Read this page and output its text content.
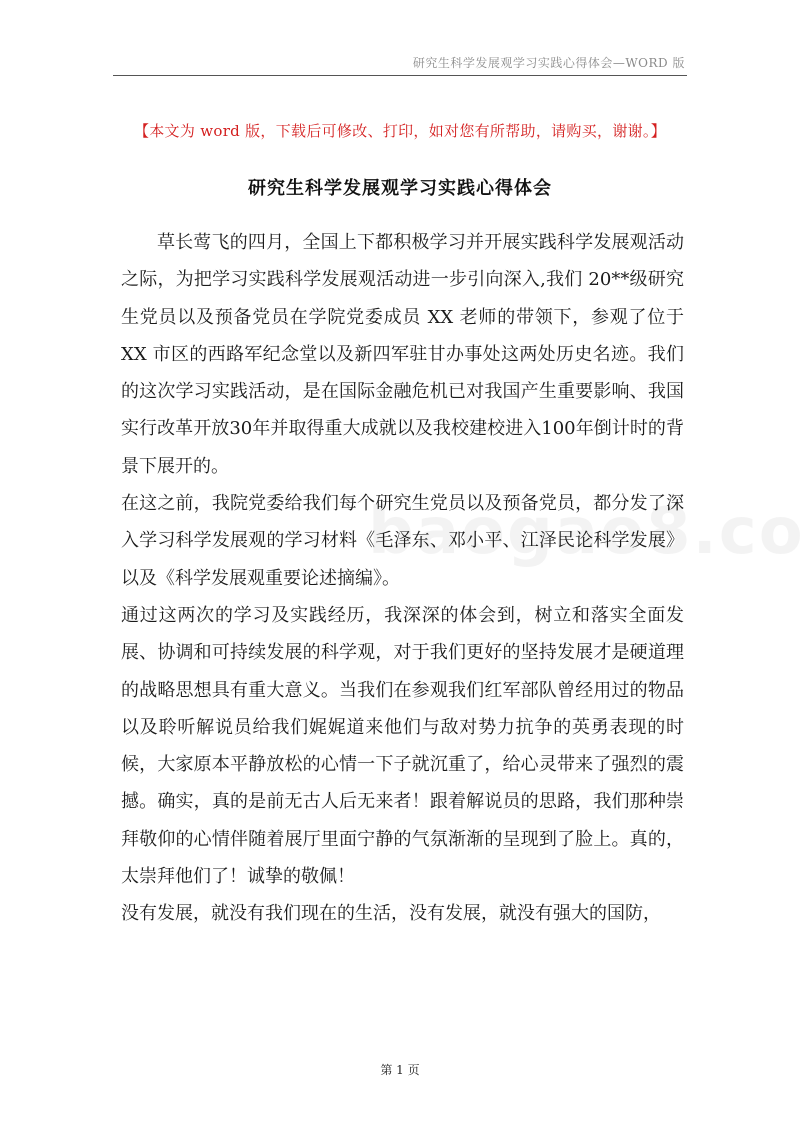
研究生科学发展观学习实践心得体会—WORD 版
【本文为 word 版，下载后可修改、打印，如对您有所帮助，请购买，谢谢。】
研究生科学发展观学习实践心得体会

草长莺飞的四月，全国上下都积极学习并开展实践科学发展观活动之际，为把学习实践科学发展观活动进一步引向深入,我们 20**级研究生党员以及预备党员在学院党委成员 XX 老师的带领下，参观了位于 XX 市区的西路军纪念堂以及新四军驻甘办事处这两处历史名迹。我们的这次学习实践活动，是在国际金融危机已对我国产生重要影响、我国实行改革开放30年并取得重大成就以及我校建校进入100年倒计时的背景下展开的。

在这之前，我院党委给我们每个研究生党员以及预备党员，都分发了深入学习科学发展观的学习材料《毛泽东、邓小平、江泽民论科学发展》以及《科学发展观重要论述摘编》。

通过这两次的学习及实践经历，我深深的体会到，树立和落实全面发展、协调和可持续发展的科学观，对于我们更好的坚持发展才是硬道理的战略思想具有重大意义。当我们在参观我们红军部队曾经用过的物品以及聆听解说员给我们娓娓道来他们与敌对势力抗争的英勇表现的时候，大家原本平静放松的心情一下子就沉重了，给心灵带来了强烈的震撼。确实，真的是前无古人后无来者！跟着解说员的思路，我们那种崇拜敬仰的心情伴随着展厅里面宁静的气氛渐渐的呈现到了脸上。真的，太崇拜他们了！诚挚的敬佩！

没有发展，就没有我们现在的生活，没有发展，就没有强大的国防，

第 1 页
